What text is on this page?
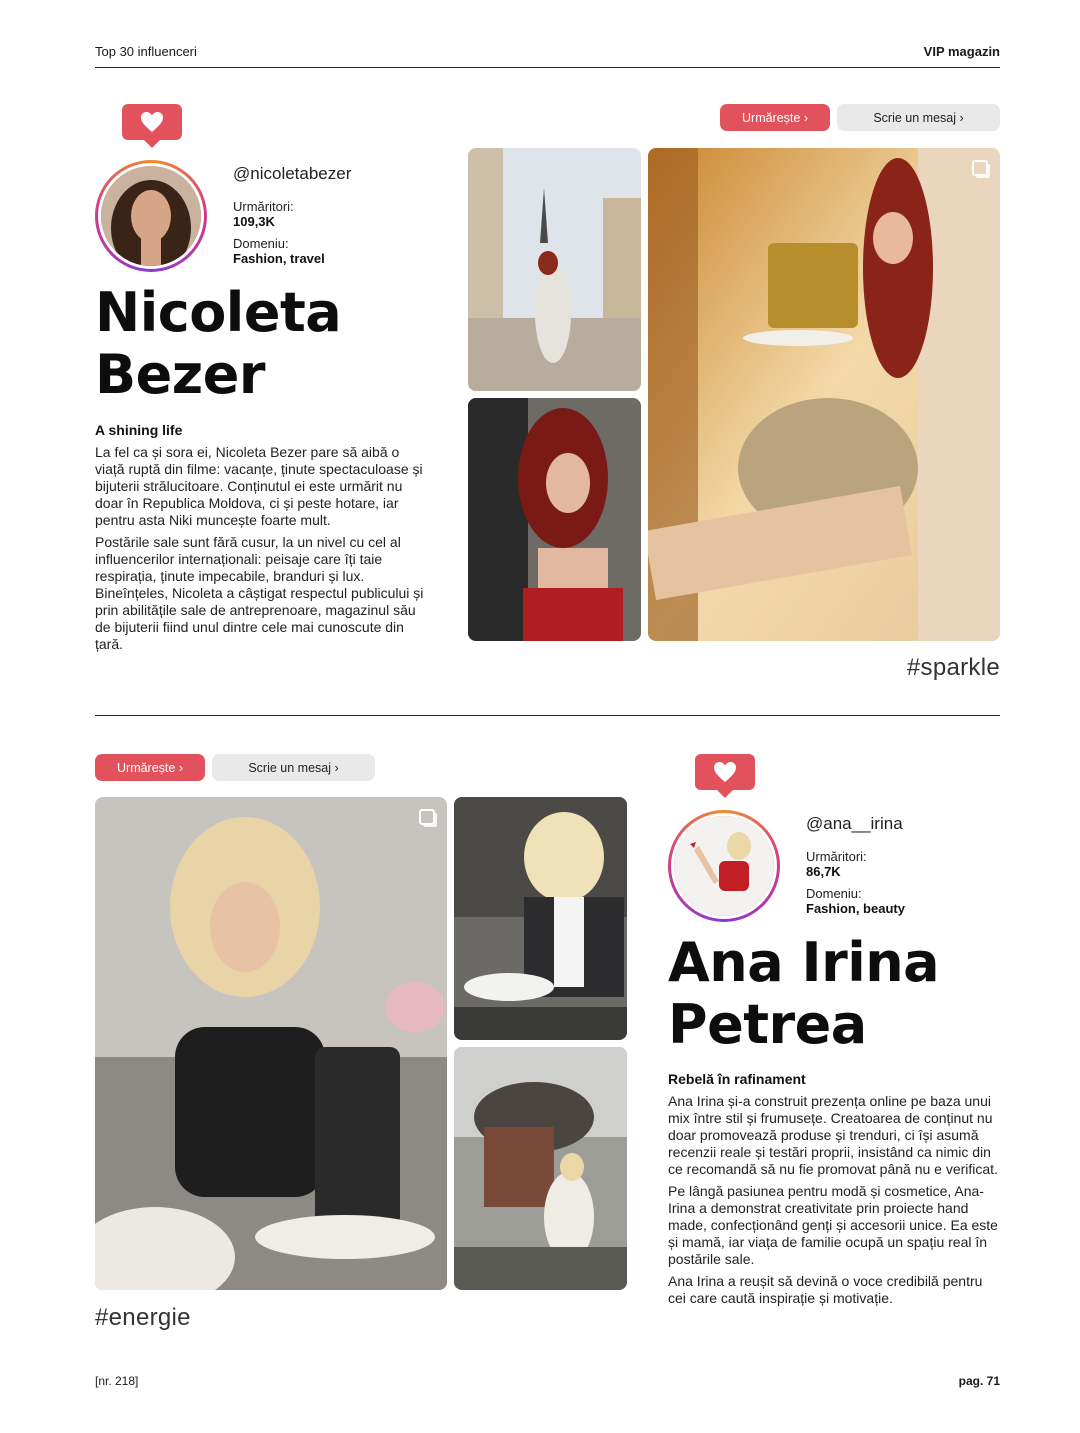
Top 30 influenceri	VIP magazin
@nicoletabezer
Urmăritori:
109,3K
Domeniu:
Fashion, travel
Nicoleta
Bezer
A shining life

La fel ca și sora ei, Nicoleta Bezer pare să aibă o viață ruptă din filme: vacanțe, ținute spectaculoase și bijuterii strălucitoare. Conținutul ei este urmărit nu doar în Republica Moldova, ci și peste hotare, iar pentru asta Niki muncește foarte mult.

Postările sale sunt fără cusur, la un nivel cu cel al influencerilor internaționali: peisaje care îți taie respirația, ținute impecabile, branduri și lux. Bineînțeles, Nicoleta a câștigat respectul publicului și prin abilitățile sale de antreprenoare, magazinul său de bijuterii fiind unul dintre cele mai cunoscute din țară.

Urmărește ›	Scrie un mesaj ›
#sparkle
Urmărește ›	Scrie un mesaj ›
#energie
@ana__irina
Urmăritori:
86,7K
Domeniu:
Fashion, beauty
Ana Irina
Petrea
Rebelă în rafinament

Ana Irina și-a construit prezența online pe baza unui mix între stil și frumusețe. Creatoarea de conținut nu doar promovează produse și trenduri, ci își asumă recenzii reale și testări proprii, insistând ca nimic din ce recomandă să nu fie promovat până nu e verificat.

Pe lângă pasiunea pentru modă și cosmetice, Ana-Irina a demonstrat creativitate prin proiecte hand made, confecționând genți și accesorii unice. Ea este și mamă, iar viața de familie ocupă un spațiu real în postările sale.

Ana Irina a reușit să devină o voce credibilă pentru cei care caută inspirație și motivație.

[nr. 218]	pag. 71
